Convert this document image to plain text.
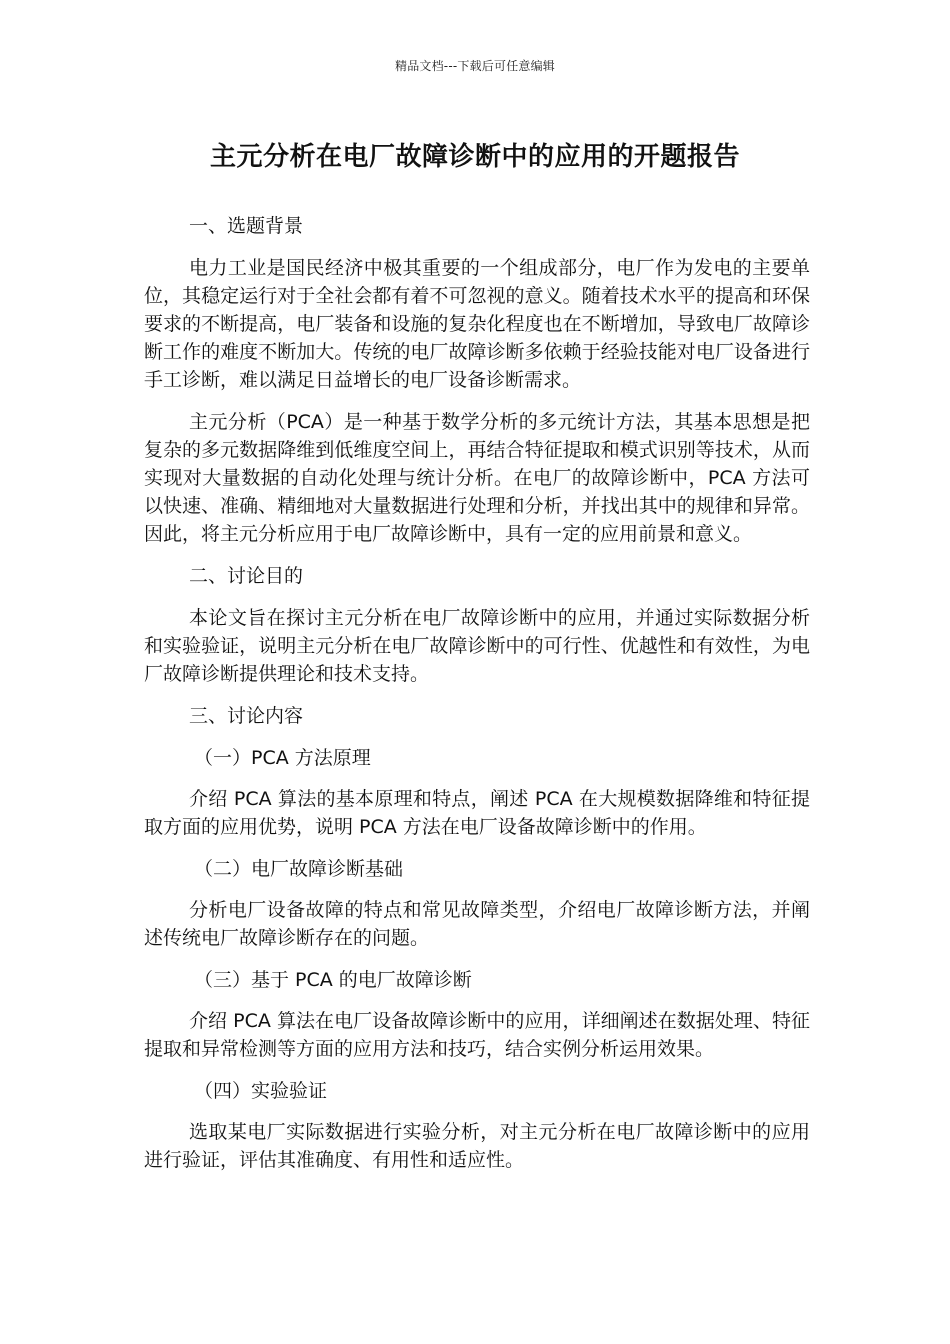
精品文档---下载后可任意编辑
主元分析在电厂故障诊断中的应用的开题报告

一、选题背景

电力工业是国民经济中极其重要的一个组成部分，电厂作为发电的主要单位，其稳定运行对于全社会都有着不可忽视的意义。随着技术水平的提高和环保要求的不断提高，电厂装备和设施的复杂化程度也在不断增加，导致电厂故障诊断工作的难度不断加大。传统的电厂故障诊断多依赖于经验技能对电厂设备进行手工诊断，难以满足日益增长的电厂设备诊断需求。

主元分析（PCA）是一种基于数学分析的多元统计方法，其基本思想是把复杂的多元数据降维到低维度空间上，再结合特征提取和模式识别等技术，从而实现对大量数据的自动化处理与统计分析。在电厂的故障诊断中，PCA 方法可以快速、准确、精细地对大量数据进行处理和分析，并找出其中的规律和异常。因此，将主元分析应用于电厂故障诊断中，具有一定的应用前景和意义。

二、讨论目的

本论文旨在探讨主元分析在电厂故障诊断中的应用，并通过实际数据分析和实验验证，说明主元分析在电厂故障诊断中的可行性、优越性和有效性，为电厂故障诊断提供理论和技术支持。

三、讨论内容

（一）PCA 方法原理

介绍 PCA 算法的基本原理和特点，阐述 PCA 在大规模数据降维和特征提取方面的应用优势，说明 PCA 方法在电厂设备故障诊断中的作用。

（二）电厂故障诊断基础

分析电厂设备故障的特点和常见故障类型，介绍电厂故障诊断方法，并阐述传统电厂故障诊断存在的问题。

（三）基于 PCA 的电厂故障诊断

介绍 PCA 算法在电厂设备故障诊断中的应用，详细阐述在数据处理、特征提取和异常检测等方面的应用方法和技巧，结合实例分析运用效果。

（四）实验验证

选取某电厂实际数据进行实验分析，对主元分析在电厂故障诊断中的应用进行验证，评估其准确度、有用性和适应性。
